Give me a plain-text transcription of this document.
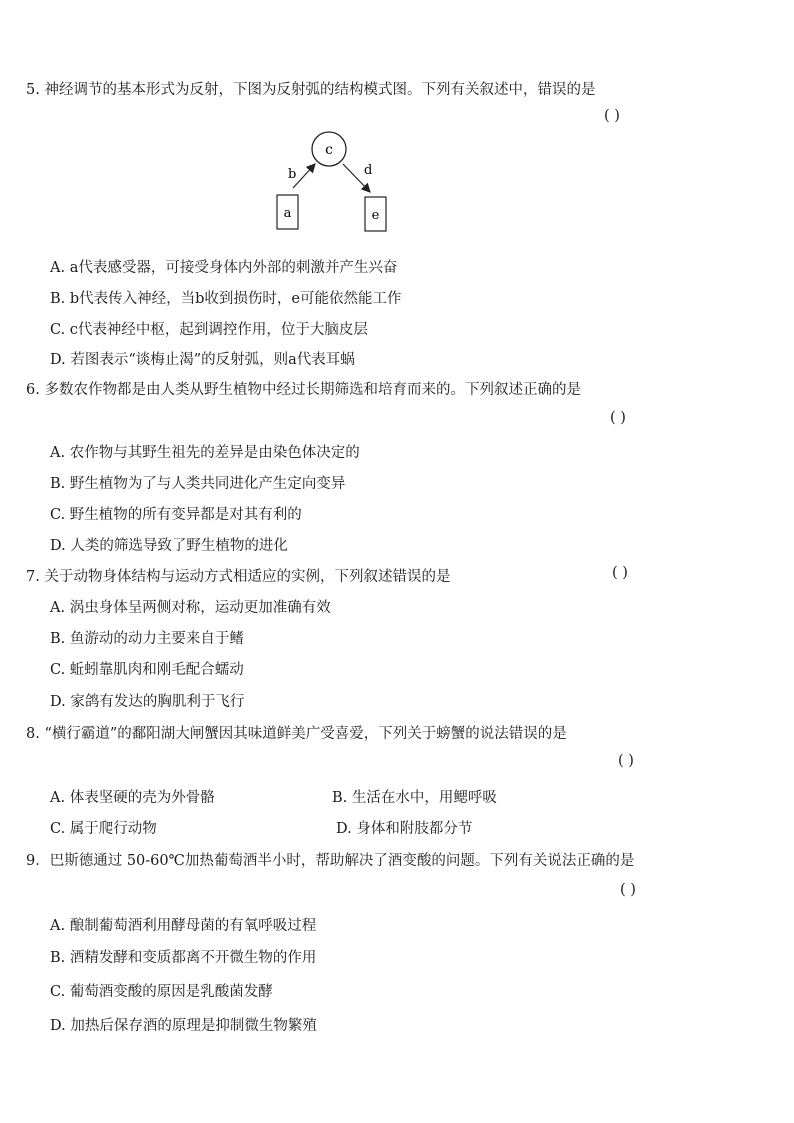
5. 神经调节的基本形式为反射，下图为反射弧的结构模式图。下列有关叙述中，错误的是
( )
c
b	d
a	e
A. a代表感受器，可接受身体内外部的刺激并产生兴奋
B. b代表传入神经，当b收到损伤时，e可能依然能工作
C. c代表神经中枢，起到调控作用，位于大脑皮层
D. 若图表示“谈梅止渴”的反射弧，则a代表耳蜗
6. 多数农作物都是由人类从野生植物中经过长期筛选和培育而来的。下列叙述正确的是
( )
A. 农作物与其野生祖先的差异是由染色体决定的
B. 野生植物为了与人类共同进化产生定向变异
C. 野生植物的所有变异都是对其有利的
D. 人类的筛选导致了野生植物的进化
7. 关于动物身体结构与运动方式相适应的实例，下列叙述错误的是	( )
A. 涡虫身体呈两侧对称，运动更加准确有效
B. 鱼游动的动力主要来自于鳍
C. 蚯蚓靠肌肉和刚毛配合蠕动
D. 家鸽有发达的胸肌利于飞行
8. “横行霸道”的鄱阳湖大闸蟹因其味道鲜美广受喜爱，下列关于螃蟹的说法错误的是
( )
A. 体表坚硬的壳为外骨骼	B. 生活在水中，用鳃呼吸
C. 属于爬行动物	D. 身体和附肢都分节
9．巴斯德通过 50-60℃加热葡萄酒半小时，帮助解决了酒变酸的问题。下列有关说法正确的是
( )
A. 酿制葡萄酒利用酵母菌的有氧呼吸过程
B. 酒精发酵和变质都离不开微生物的作用
C. 葡萄酒变酸的原因是乳酸菌发酵
D. 加热后保存酒的原理是抑制微生物繁殖
